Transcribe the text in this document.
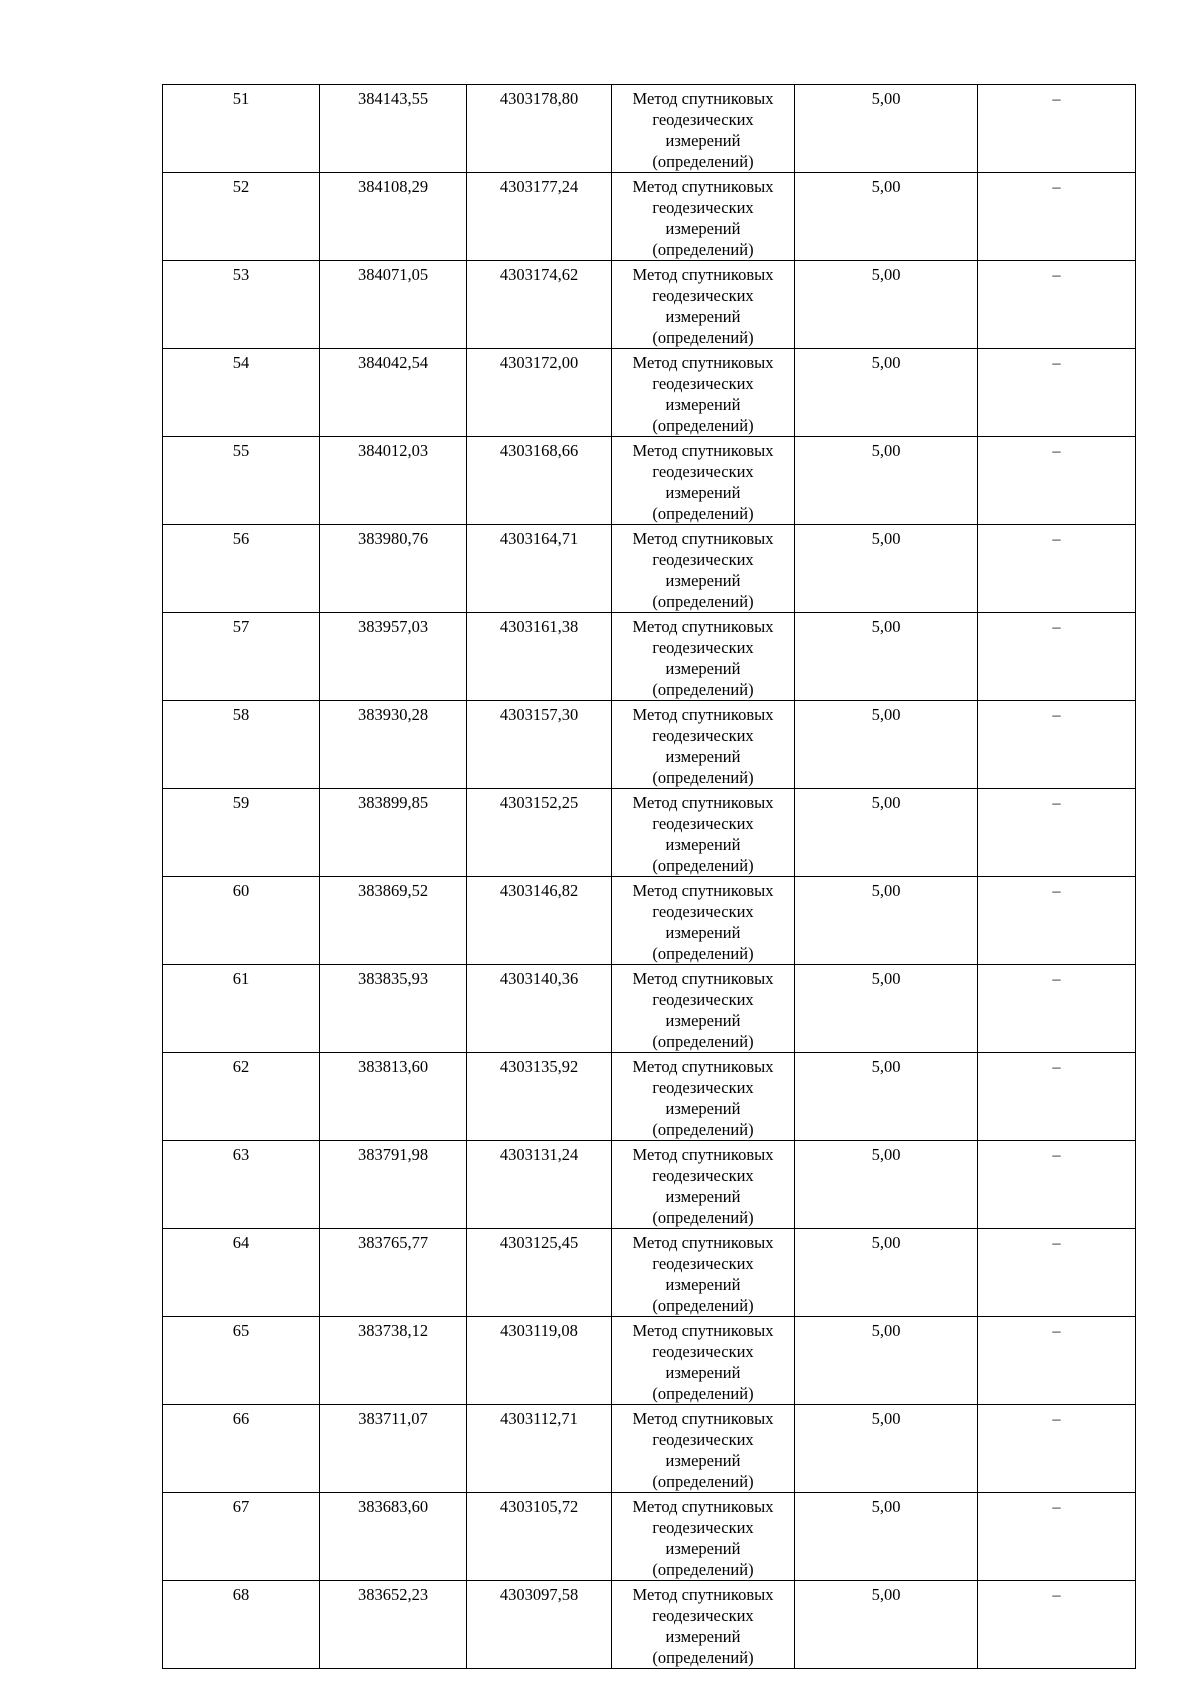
51	384143,55	4303178,80	Метод спутниковых геодезических измерений (определений)	5,00	–

52	384108,29	4303177,24	Метод спутниковых геодезических измерений (определений)	5,00	–

53	384071,05	4303174,62	Метод спутниковых геодезических измерений (определений)	5,00	–

54	384042,54	4303172,00	Метод спутниковых геодезических измерений (определений)	5,00	–

55	384012,03	4303168,66	Метод спутниковых геодезических измерений (определений)	5,00	–

56	383980,76	4303164,71	Метод спутниковых геодезических измерений (определений)	5,00	–

57	383957,03	4303161,38	Метод спутниковых геодезических измерений (определений)	5,00	–

58	383930,28	4303157,30	Метод спутниковых геодезических измерений (определений)	5,00	–

59	383899,85	4303152,25	Метод спутниковых геодезических измерений (определений)	5,00	–

60	383869,52	4303146,82	Метод спутниковых геодезических измерений (определений)	5,00	–

61	383835,93	4303140,36	Метод спутниковых геодезических измерений (определений)	5,00	–

62	383813,60	4303135,92	Метод спутниковых геодезических измерений (определений)	5,00	–

63	383791,98	4303131,24	Метод спутниковых геодезических измерений (определений)	5,00	–

64	383765,77	4303125,45	Метод спутниковых геодезических измерений (определений)	5,00	–

65	383738,12	4303119,08	Метод спутниковых геодезических измерений (определений)	5,00	–

66	383711,07	4303112,71	Метод спутниковых геодезических измерений (определений)	5,00	–

67	383683,60	4303105,72	Метод спутниковых геодезических измерений (определений)	5,00	–

68	383652,23	4303097,58	Метод спутниковых геодезических измерений (определений)	5,00	–
